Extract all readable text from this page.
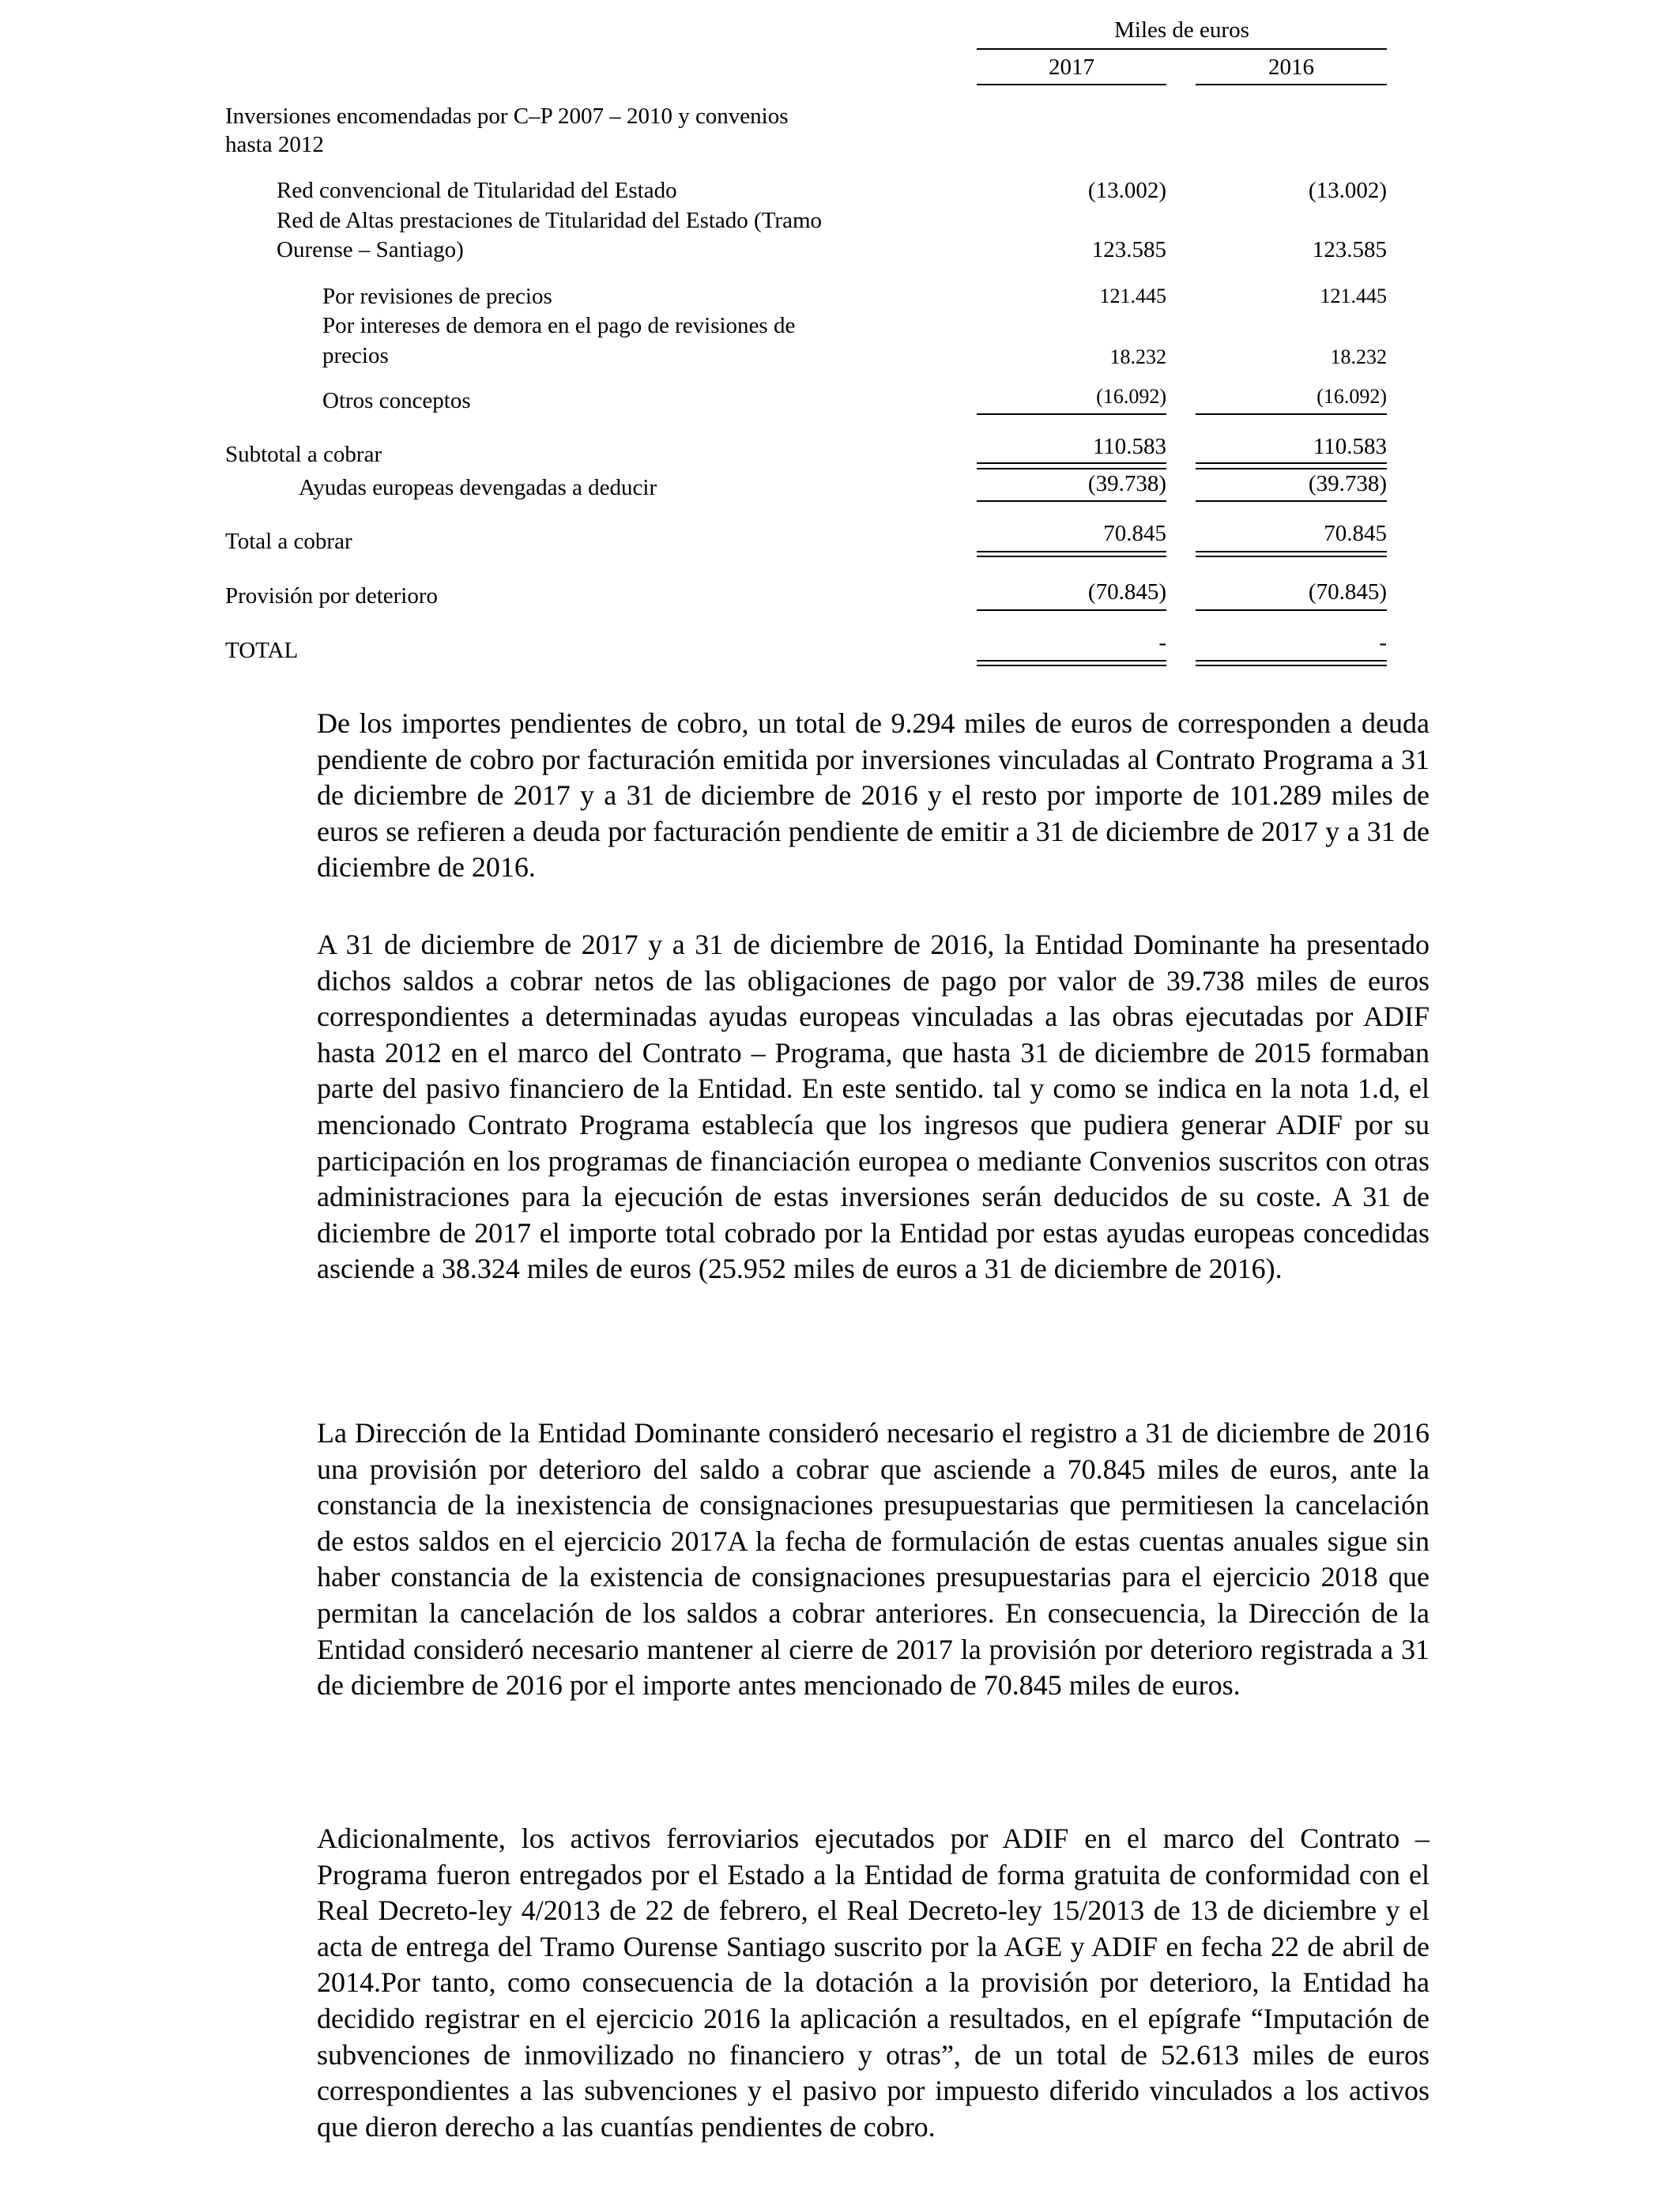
Miles de euros
2017	2016
Inversiones encomendadas por C–P 2007 – 2010 y convenios
hasta 2012
Red convencional de Titularidad del Estado	(13.002)	(13.002)
Red de Altas prestaciones de Titularidad del Estado (Tramo
Ourense – Santiago)	123.585	123.585
Por revisiones de precios	121.445	121.445
Por intereses de demora en el pago de revisiones de
precios	18.232	18.232
Otros conceptos	(16.092)	(16.092)
Subtotal a cobrar	110.583	110.583
Ayudas europeas devengadas a deducir	(39.738)	(39.738)
Total a cobrar	70.845	70.845
Provisión por deterioro	(70.845)	(70.845)
TOTAL	-	-

De los importes pendientes de cobro, un total de 9.294 miles de euros de corresponden a deuda pendiente de cobro por facturación emitida por inversiones vinculadas al Contrato Programa a 31 de diciembre de 2017 y a 31 de diciembre de 2016 y el resto por importe de 101.289 miles de euros se refieren a deuda por facturación pendiente de emitir a 31 de diciembre de 2017 y a 31 de diciembre de 2016.

A 31 de diciembre de 2017 y a 31 de diciembre de 2016, la Entidad Dominante ha presentado dichos saldos a cobrar netos de las obligaciones de pago por valor de 39.738 miles de euros correspondientes a determinadas ayudas europeas vinculadas a las obras ejecutadas por ADIF hasta 2012 en el marco del Contrato – Programa, que hasta 31 de diciembre de 2015 formaban parte del pasivo financiero de la Entidad. En este sentido. tal y como se indica en la nota 1.d, el mencionado Contrato Programa establecía que los ingresos que pudiera generar ADIF por su participación en los programas de financiación europea o mediante Convenios suscritos con otras administraciones para la ejecución de estas inversiones serán deducidos de su coste. A 31 de diciembre de 2017 el importe total cobrado por la Entidad por estas ayudas europeas concedidas asciende a 38.324 miles de euros (25.952 miles de euros a 31 de diciembre de 2016).

La Dirección de la Entidad Dominante consideró necesario el registro a 31 de diciembre de 2016 una provisión por deterioro del saldo a cobrar que asciende a 70.845 miles de euros, ante la constancia de la inexistencia de consignaciones presupuestarias que permitiesen la cancelación de estos saldos en el ejercicio 2017A la fecha de formulación de estas cuentas anuales sigue sin haber constancia de la existencia de consignaciones presupuestarias para el ejercicio 2018 que permitan la cancelación de los saldos a cobrar anteriores. En consecuencia, la Dirección de la Entidad consideró necesario mantener al cierre de 2017 la provisión por deterioro registrada a 31 de diciembre de 2016 por el importe antes mencionado de 70.845 miles de euros.

Adicionalmente, los activos ferroviarios ejecutados por ADIF en el marco del Contrato – Programa fueron entregados por el Estado a la Entidad de forma gratuita de conformidad con el Real Decreto-ley 4/2013 de 22 de febrero, el Real Decreto-ley 15/2013 de 13 de diciembre y el acta de entrega del Tramo Ourense Santiago suscrito por la AGE y ADIF en fecha 22 de abril de 2014.Por tanto, como consecuencia de la dotación a la provisión por deterioro, la Entidad ha decidido registrar en el ejercicio 2016 la aplicación a resultados, en el epígrafe “Imputación de subvenciones de inmovilizado no financiero y otras”, de un total de 52.613 miles de euros correspondientes a las subvenciones y el pasivo por impuesto diferido vinculados a los activos que dieron derecho a las cuantías pendientes de cobro.
